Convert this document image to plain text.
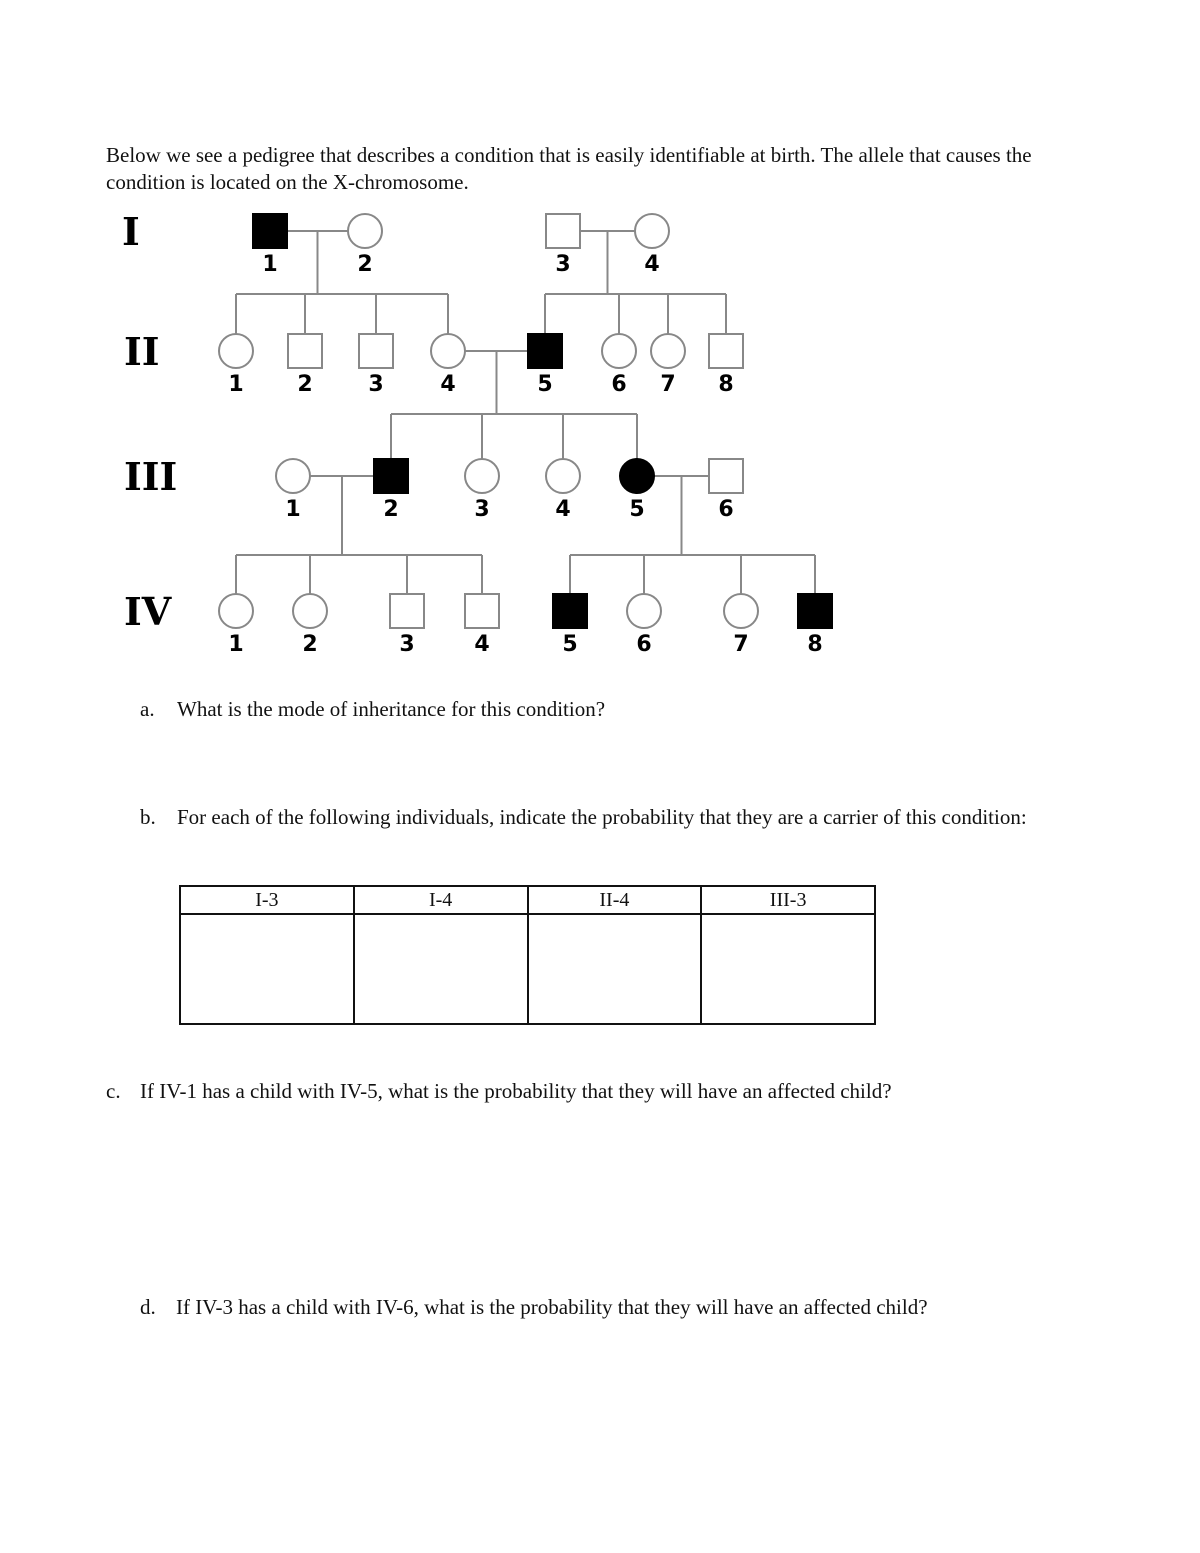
Below we see a pedigree that describes a condition that is easily identifiable at birth. The allele that causes the condition is located on the X-chromosome.

1	2	3	4
1 2	3	4	5	6 7 8
1	2	3	4	5	6
1	2	3	4	5	6	7	8
I
II
III
IV
a. What is the mode of inheritance for this condition?
b. For each of the following individuals, indicate the probability that they are a carrier of this condition:
I-3	I-4	II-4	III-3

c. If IV-1 has a child with IV-5, what is the probability that they will have an affected child?
d. If IV-3 has a child with IV-6, what is the probability that they will have an affected child?
